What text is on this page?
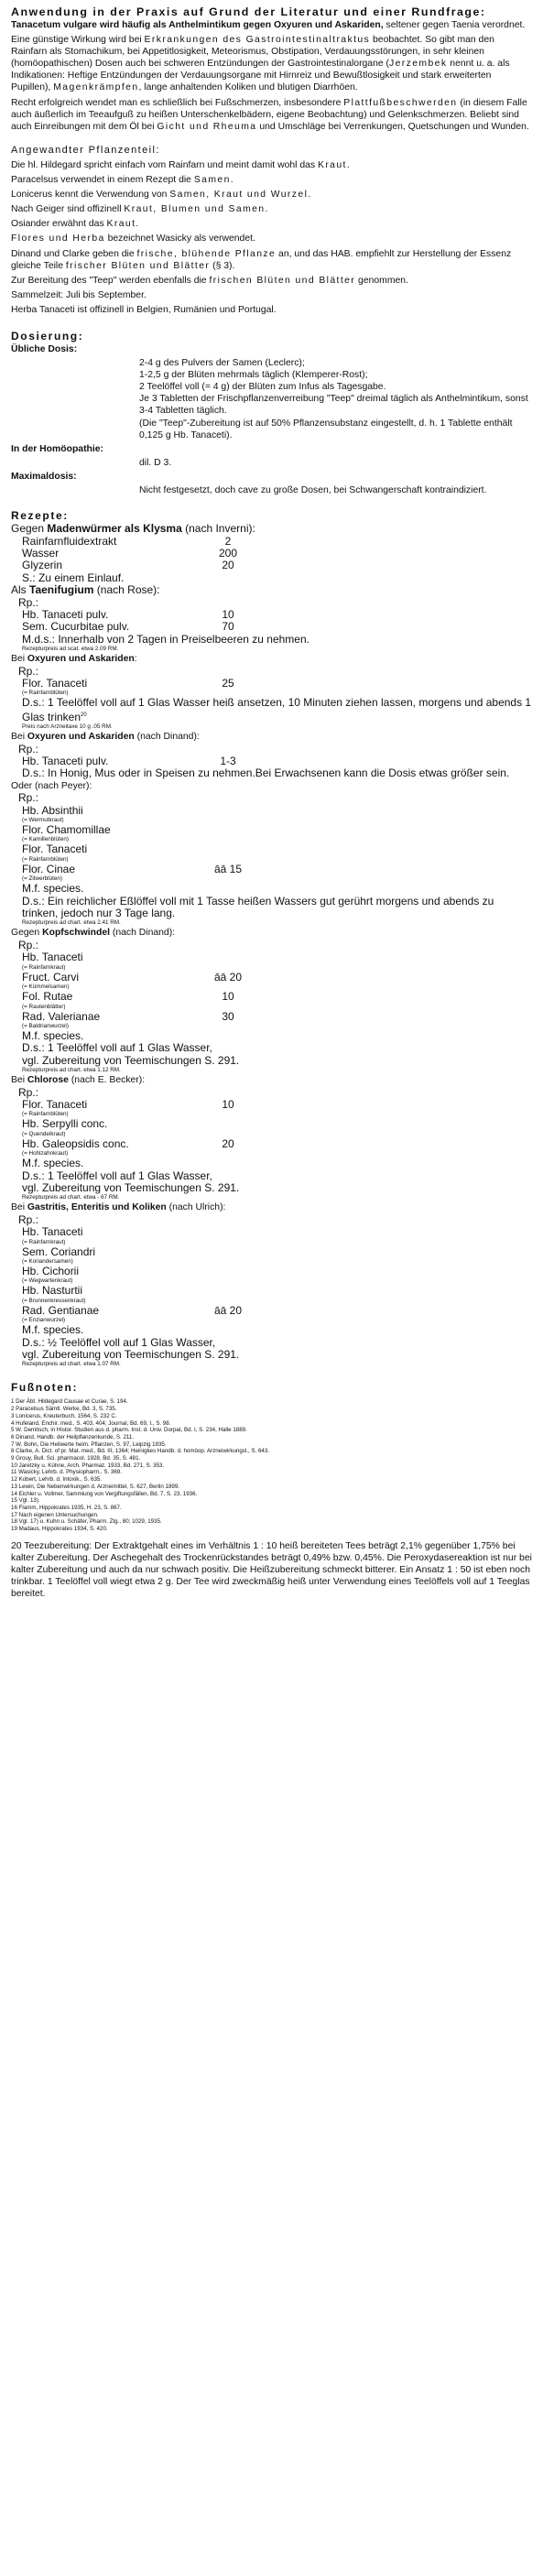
Anwendung in der Praxis auf Grund der Literatur und einer Rundfrage:

Tanacetum vulgare wird häufig als Anthelmintikum gegen Oxyuren und Askariden, seltener gegen Taenia verordnet.

Eine günstige Wirkung wird bei Erkrankungen des Gastrointestinaltraktus beobachtet. So gibt man den Rainfarn als Stomachikum, bei Appetitlosigkeit, Meteorismus, Obstipation, Verdauungsstörungen, in sehr kleinen (homöopathischen) Dosen auch bei schweren Entzündungen der Gastrointestinalorgane (Jerzembek nennt u. a. als Indikationen: Heftige Entzündungen der Verdauungsorgane mit Hirnreiz und Bewußtlosigkeit und stark erweiterten Pupillen), Magenkrämpfen, lange anhaltenden Koliken und blutigen Diarrhöen.

Recht erfolgreich wendet man es schließlich bei Fußschmerzen, insbesondere Plattfußbeschwerden (in diesem Falle auch äußerlich im Teeaufguß zu heißen Unterschenkelbädern, eigene Beobachtung) und Gelenkschmerzen. Beliebt sind auch Einreibungen mit dem Öl bei Gicht und Rheuma und Umschläge bei Verrenkungen, Quetschungen und Wunden.

Angewandter Pflanzenteil:

Die hl. Hildegard spricht einfach vom Rainfarn und meint damit wohl das Kraut.

Paracelsus verwendet in einem Rezept die Samen.

Lonicerus kennt die Verwendung von Samen, Kraut und Wurzel.

Nach Geiger sind offizinell Kraut, Blumen und Samen.

Osiander erwähnt das Kraut.

Flores und Herba bezeichnet Wasicky als verwendet.

Dinand und Clarke geben die frische, blühende Pflanze an, und das HAB. empfiehlt zur Herstellung der Essenz gleiche Teile frischer Blüten und Blätter (§ 3).

Zur Bereitung des "Teep" werden ebenfalls die frischen Blüten und Blätter genommen.

Sammelzeit: Juli bis September.

Herba Tanaceti ist offizinell in Belgien, Rumänien und Portugal.

Dosierung:
Übliche Dosis:
2-4 g des Pulvers der Samen (Leclerc);
1-2,5 g der Blüten mehrmals täglich (Klemperer-Rost);
2 Teelöffel voll (= 4 g) der Blüten zum Infus als Tagesgabe.
Je 3 Tabletten der Frischpflanzenverreibung "Teep" dreimal täglich als Anthelmintikum, sonst 3-4 Tabletten täglich.
(Die "Teep"-Zubereitung ist auf 50% Pflanzensubstanz eingestellt, d. h. 1 Tablette enthält 0,125 g Hb. Tanaceti).
In der Homöopathie:
dil. D 3.
Maximaldosis:
Nicht festgesetzt, doch cave zu große Dosen, bei Schwangerschaft kontraindiziert.
Rezepte:
Gegen Madenwürmer als Klysma (nach Inverni):
Rainfarnfluidextrakt	2
Wasser	200
Glyzerin	20
S.: Zu einem Einlauf.
Als Taenifugium (nach Rose):
Rp.:
Hb. Tanaceti pulv.	10
Sem. Cucurbitae pulv.	70
M.d.s.: Innerhalb von 2 Tagen in Preiselbeeren zu nehmen.
Rezepturpreis ad scat. etwa 2.09 RM.
Bei Oxyuren und Askariden:
Rp.:
Flor. Tanaceti	25
(= Rainfarnblüten)
D.s.: 1 Teelöffel voll auf 1 Glas Wasser heiß ansetzen, 10 Minuten ziehen lassen, morgens und abends 1 Glas trinken$^{20}$
Preis nach Arzneitaxe 10 g .05 RM.
Bei Oxyuren und Askariden (nach Dinand):
Rp.:
Hb. Tanaceti pulv.	1-3
D.s.: In Honig, Mus oder in Speisen zu nehmen.Bei Erwachsenen kann die Dosis etwas größer sein.
Oder (nach Peyer):
Rp.:
Hb. Absinthii
(= Wermutkraut)
Flor. Chamomillae
(= Kamillenblüten)
Flor. Tanaceti
(= Rainfarnblüten)
Flor. Cinae	āā 15
(= Zitwerblüten)
M.f. species.
D.s.: Ein reichlicher Eßlöffel voll mit 1 Tasse heißen Wassers gut gerührt morgens und abends zu trinken, jedoch nur 3 Tage lang.
Rezepturpreis ad chart. etwa 2.41 RM.
Gegen Kopfschwindel (nach Dinand):
Rp.:
Hb. Tanaceti
(= Rainfarnkraut)
Fruct. Carvi	āā 20
(= Kümmelsamen)
Fol. Rutae	10
(= Rautenblätter)
Rad. Valerianae	30
(= Baldrianwurzel)
M.f. species.
D.s.: 1 Teelöffel voll auf 1 Glas Wasser,
vgl. Zubereitung von Teemischungen S. 291.
Rezepturpreis ad chart. etwa 1.12 RM.
Bei Chlorose (nach E. Becker):
Rp.:
Flor. Tanaceti	10
(= Rainfarnblüten)
Hb. Serpylli conc.
(= Quendelkraut)
Hb. Galeopsidis conc.	20
(= Hohlzahnkraut)
M.f. species.
D.s.: 1 Teelöffel voll auf 1 Glas Wasser,
vgl. Zubereitung von Teemischungen S. 291.
Rezepturpreis ad chart. etwa - 67 RM.
Bei Gastritis, Enteritis und Koliken (nach Ulrich):
Rp.:
Hb. Tanaceti
(= Rainfarnkraut)
Sem. Coriandri
(= Koriandersamen)
Hb. Cichorii
(= Wegwartenkraut)
Hb. Nasturtii
(= Brunnenkressenkraut)
Rad. Gentianae	āā 20
(= Enzianwurzel)
M.f. species.
D.s.: ½ Teelöffel voll auf 1 Glas Wasser,
vgl. Zubereitung von Teemischungen S. 291.
Rezepturpreis ad chart. etwa 1.07 RM.
Fußnoten:
1 Der Äbt. Hildegard Causae et Curae, S. 194.
2 Paracelsus Sämtl. Werke, Bd. 3, S. 735.
3 Lonicerus, Kreuterbuch, 1564, S. 232 C.
4 Hufeland, Enchir. med., S. 403, 404; Journal, Bd. 69, I., S. 98.
5 W. Demitsch, in Histor. Studien aus d. pharm. Inst. d. Univ. Dorpat, Bd. I, S. 234, Halle 1889.
6 Dinand, Handb. der Heilpflanzenkunde, S. 211.
7 W. Bohn, Die Heilwerte heim. Pflanzen, S. 97, Leipzig 1935.
8 Clarke, A. Dict. of pr. Mat. med., Bd. III, 1364; Heinigkes Handb. d. homöop. Arzneiwirkungsl., S. 643.
9 Grouy, Bull. Sci. pharmacol. 1928, Bd. 35, S. 481.
10 Jaretzky u. Kühne, Arch. Pharmaz. 1933, Bd. 271, S. 353.
11 Wasicky, Lehrb. d. Physiopharm., S. 369.
12 Kobert, Lehrb. d. Intoxik., S. 635.
13 Lewin, Die Nebenwirkungen d. Arzneimittel, S. 627, Berlin 1899.
14 Eichler u. Vollmer, Sammlung von Vergiftungsfällen, Bd. 7, S. 23, 1936.
15 Vgl. 13).
16 Flamm, Hippokrates 1935, H. 23, S. 867.
17 Nach eigenen Untersuchungen.
18 Vgl. 17) u. Kuhn u. Schäfer, Pharm. Ztg., 80; 1029, 1935.
19 Madaus, Hippokrates 1934, S. 420.

20 Teezubereitung: Der Extraktgehalt eines im Verhältnis 1 : 10 heiß bereiteten Tees beträgt 2,1% gegenüber 1,75% bei kalter Zubereitung. Der Aschegehalt des Trockenrückstandes beträgt 0,49% bzw. 0,45%. Die Peroxydasereaktion ist nur bei kalter Zubereitung und auch da nur schwach positiv. Die Heißzubereitung schmeckt bitterer. Ein Ansatz 1 : 50 ist eben noch trinkbar. 1 Teelöffel voll wiegt etwa 2 g. Der Tee wird zweckmäßig heiß unter Verwendung eines Teelöffels voll auf 1 Teeglas bereitet.
